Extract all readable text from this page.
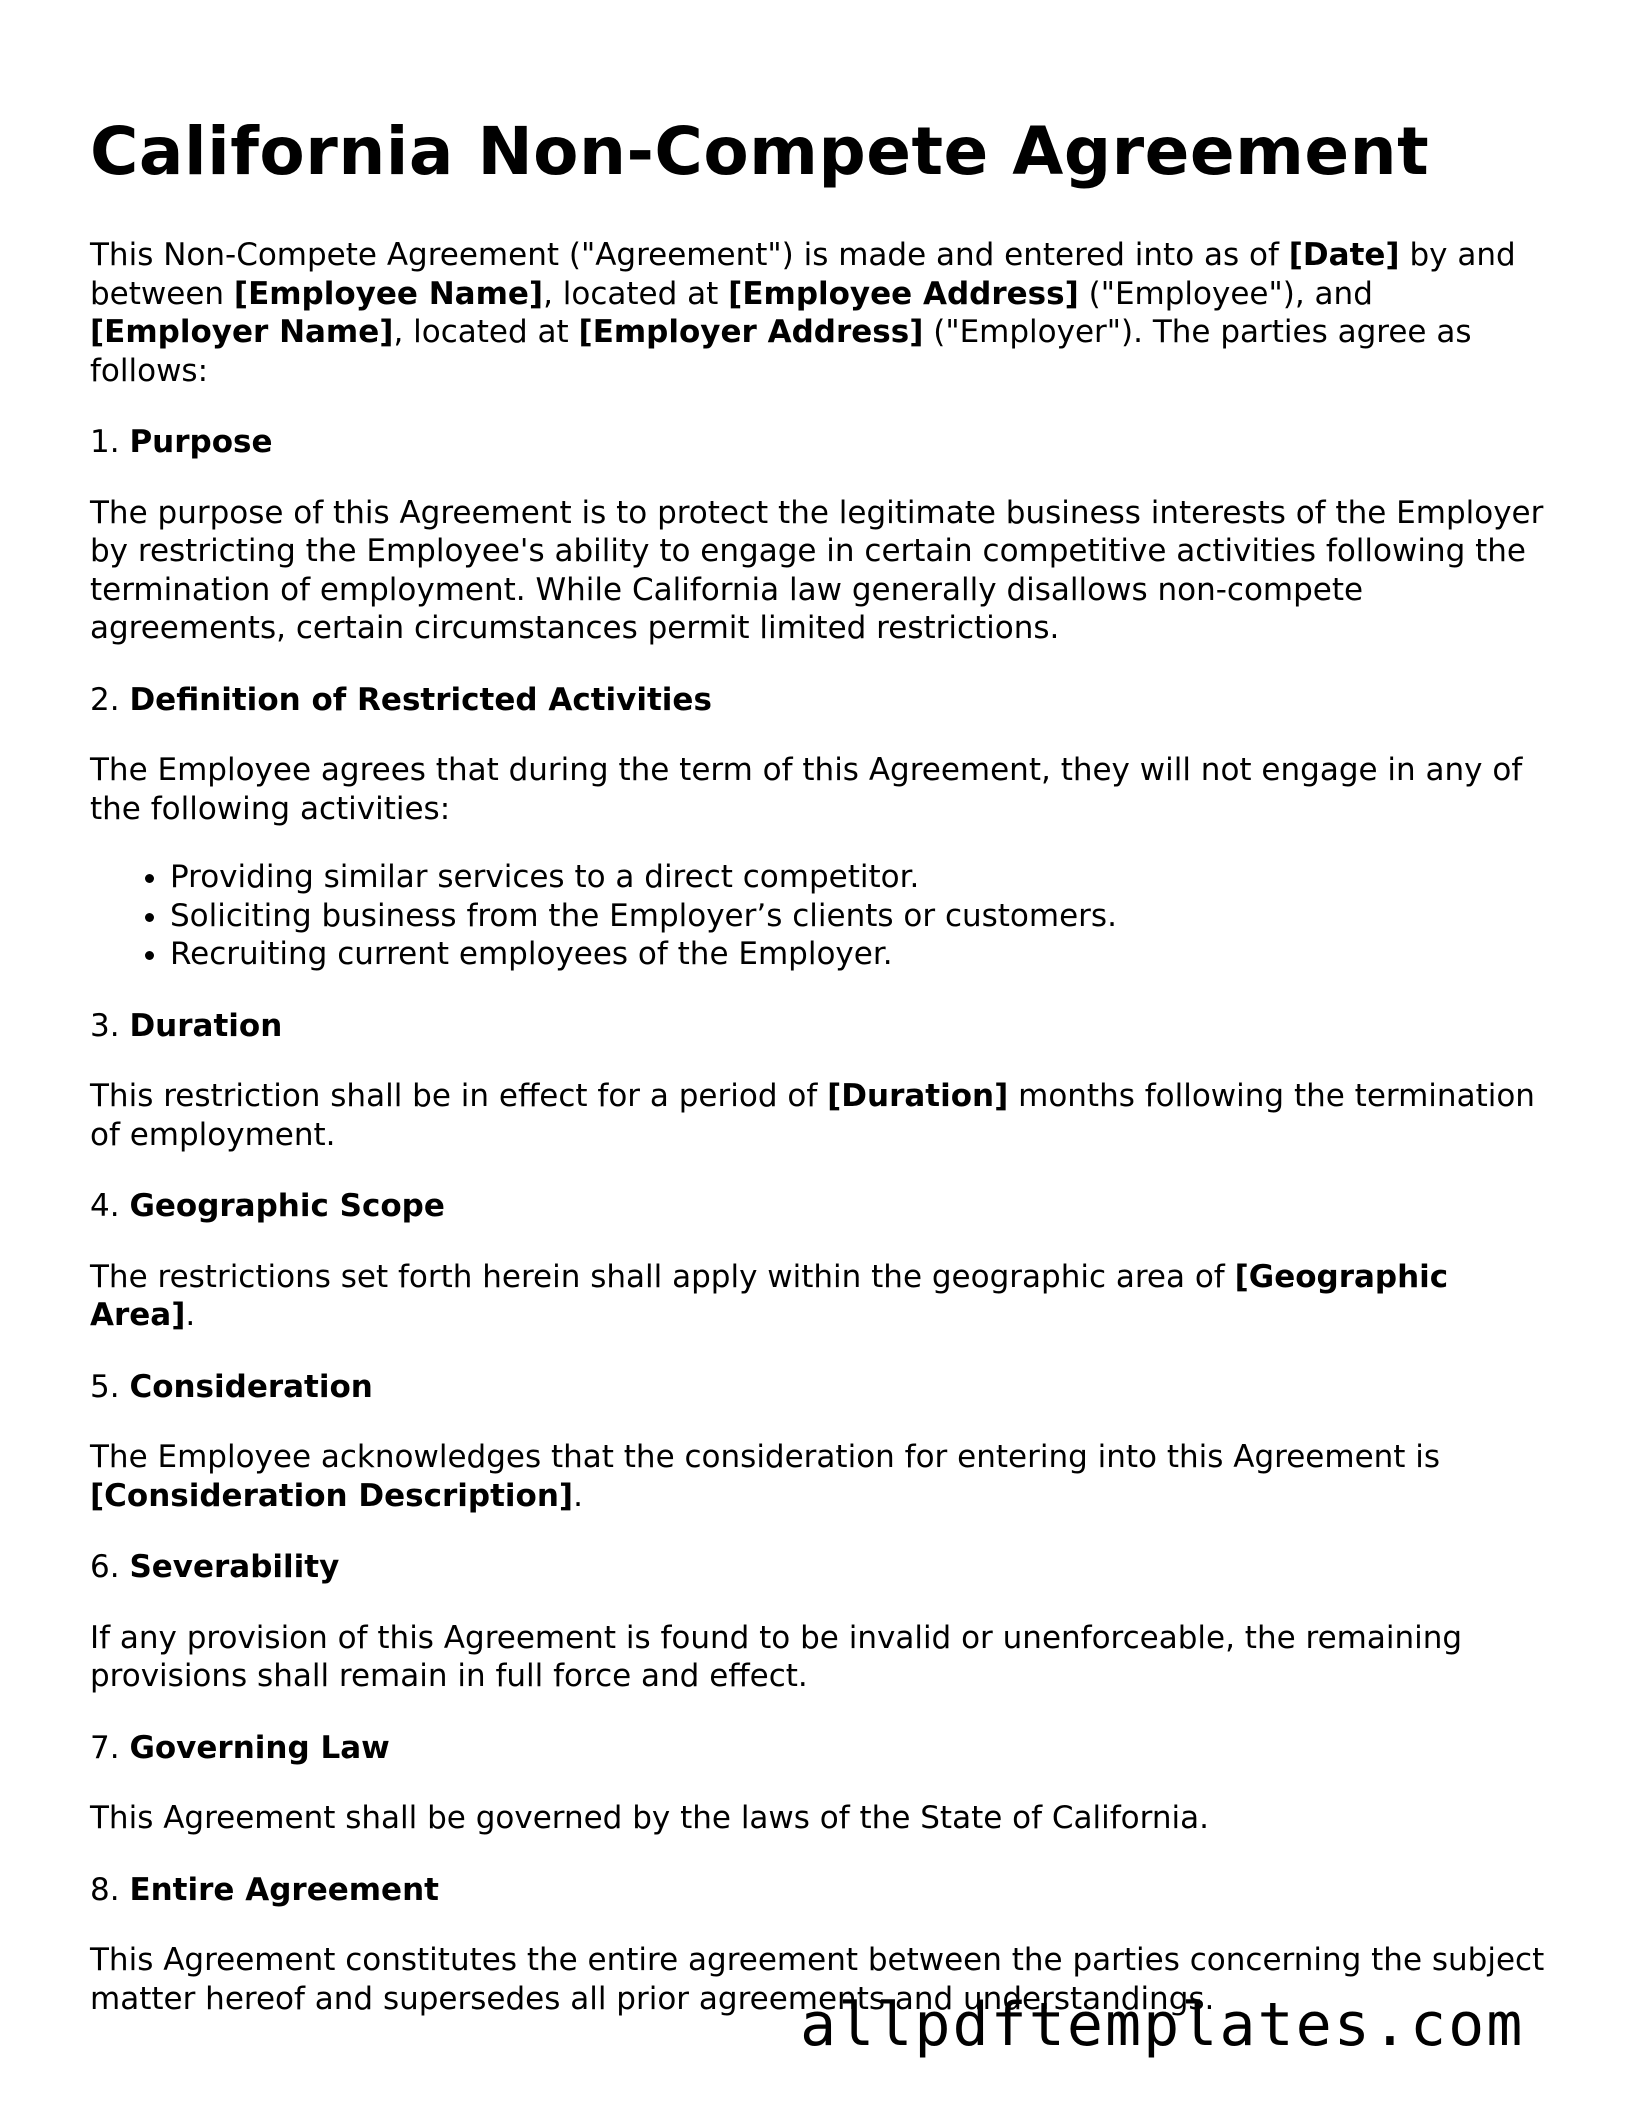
California Non-Compete Agreement

This Non-Compete Agreement ("Agreement") is made and entered into as of [Date] by and between [Employee Name], located at [Employee Address] ("Employee"), and [Employer Name], located at [Employer Address] ("Employer"). The parties agree as follows:

1. Purpose

The purpose of this Agreement is to protect the legitimate business interests of the Employer by restricting the Employee's ability to engage in certain competitive activities following the termination of employment. While California law generally disallows non-compete agreements, certain circumstances permit limited restrictions.

2. Definition of Restricted Activities

The Employee agrees that during the term of this Agreement, they will not engage in any of the following activities:

• Providing similar services to a direct competitor.
• Soliciting business from the Employer’s clients or customers.
• Recruiting current employees of the Employer.

3. Duration

This restriction shall be in effect for a period of [Duration] months following the termination of employment.

4. Geographic Scope

The restrictions set forth herein shall apply within the geographic area of [Geographic Area].

5. Consideration

The Employee acknowledges that the consideration for entering into this Agreement is [Consideration Description].

6. Severability

If any provision of this Agreement is found to be invalid or unenforceable, the remaining provisions shall remain in full force and effect.

7. Governing Law

This Agreement shall be governed by the laws of the State of California.

8. Entire Agreement

This Agreement constitutes the entire agreement between the parties concerning the subject matter hereof and supersedes all prior agreements and understandings.

allpdftemplates.com
